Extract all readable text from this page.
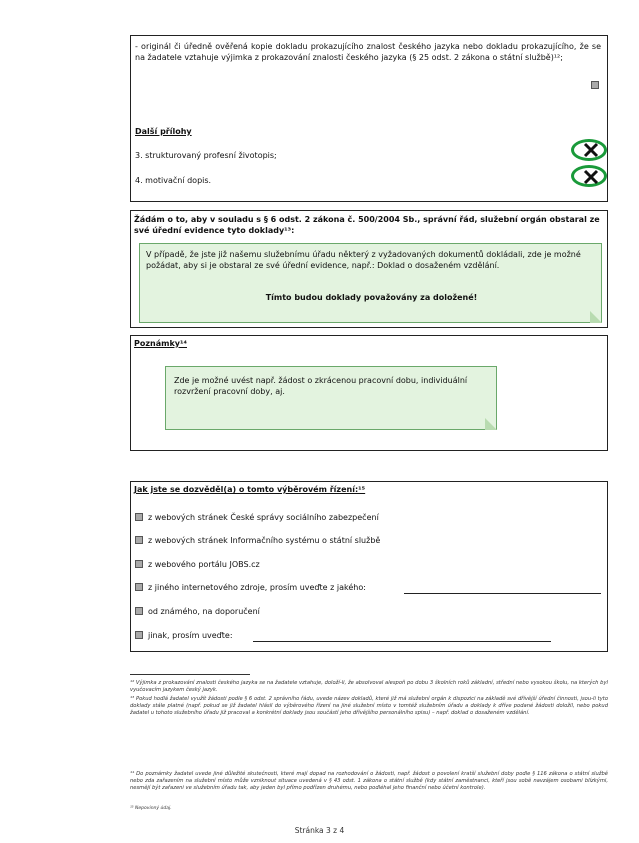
- originál či úředně ověřená kopie dokladu prokazujícího znalost českého jazyka nebo dokladu prokazujícího, že se na žadatele vztahuje výjimka z prokazování znalosti českého jazyka (§ 25 odst. 2 zákona o státní službě)¹²;
Další přílohy
3. strukturovaný profesní životopis;
4. motivační dopis.
Žádám o to, aby v souladu s § 6 odst. 2 zákona č. 500/2004 Sb., správní řád, služební orgán obstaral ze své úřední evidence tyto doklady¹³:
V případě, že jste již našemu služebnímu úřadu některý z vyžadovaných dokumentů dokládali, zde je možné požádat, aby si je obstaral ze své úřední evidence, např.: Doklad o dosaženém vzdělání.
Tímto budou doklady považovány za doložené!
Poznámky¹⁴
Zde je možné uvést např. žádost o zkrácenou pracovní dobu, individuální rozvržení pracovní doby, aj.
Jak jste se dozvěděl(a) o tomto výběrovém řízení:¹⁵
z webových stránek České správy sociálního zabezpečení
z webových stránek Informačního systému o státní službě
z webového portálu JOBS.cz
z jiného internetového zdroje, prosím uveďte z jakého:
od známého, na doporučení
jinak, prosím uveďte:
¹² Výjimka z prokazování znalosti českého jazyka se na žadatele vztahuje, doloží-li, že absolvoval alespoň po dobu 3 školních roků základní, střední nebo vysokou školu, na kterých byl vyučovacím jazykem český jazyk.
¹³ Pokud hodlá žadatel využít žádosti podle § 6 odst. 2 správního řádu, uvede název dokladů, které již má služební orgán k dispozici na základě své dřívější úřední činnosti, jsou-li tyto doklady stále platné (např. pokud se již žadatel hlásil do výběrového řízení na jiné služební místo v tomtéž služebním úřadu a doklady k dříve podané žádosti doložil, nebo pokud žadatel u tohoto služebního úřadu již pracoval a konkrétní doklady jsou součástí jeho dřívějšího personálního spisu) – např. doklad o dosaženém vzdělání.
¹⁴ Do poznámky žadatel uvede jiné důležité skutečnosti, které mají dopad na rozhodování o žádosti, např. žádost o povolení kratší služební doby podle § 116 zákona o státní službě nebo zda zařazením na služební místo může vzniknout situace uvedená v § 43 odst. 1 zákona o státní službě (kdy státní zaměstnanci, kteří jsou sobě navzájem osobami blízkými, nesmějí být zařazeni ve služebním úřadu tak, aby jeden byl přímo podřízen druhému, nebo podléhal jeho finanční nebo účetní kontrole).
¹⁵ Nepovinný údaj.
Stránka 3 z 4
